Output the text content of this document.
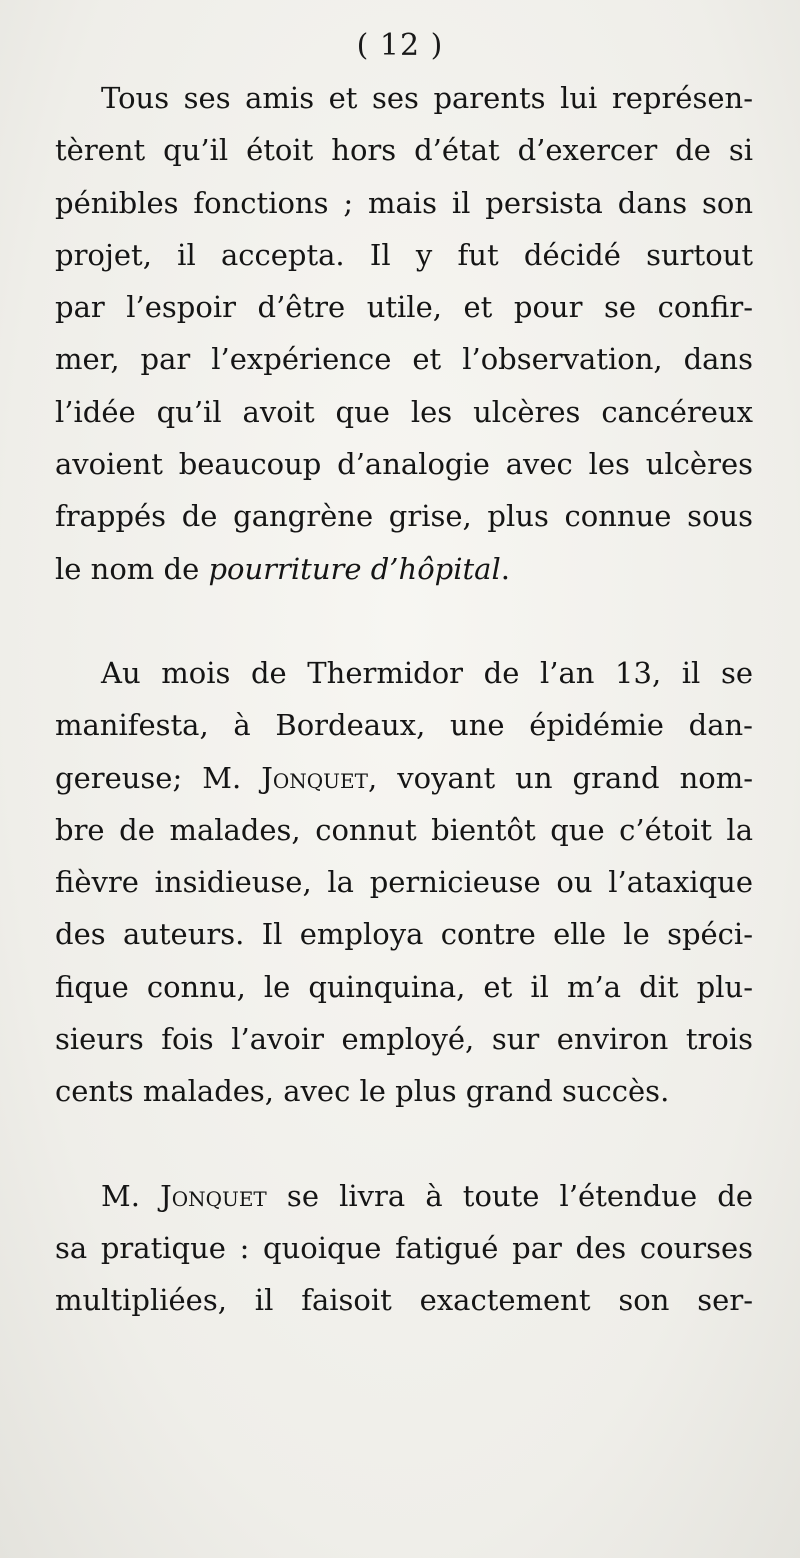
( 12 )
Tous ses amis et ses parents lui représen-
tèrent qu’il étoit hors d’état d’exercer de si
pénibles fonctions ; mais il persista dans son
projet, il accepta. Il y fut décidé surtout
par l’espoir d’être utile, et pour se confir-
mer, par l’expérience et l’observation, dans
l’idée qu’il avoit que les ulcères cancéreux
avoient beaucoup d’analogie avec les ulcères
frappés de gangrène grise, plus connue sous
le nom de pourriture d’hôpital.
Au mois de Thermidor de l’an 13, il se
manifesta, à Bordeaux, une épidémie dan-
gereuse; M. Jonquet, voyant un grand nom-
bre de malades, connut bientôt que c’étoit la
fièvre insidieuse, la pernicieuse ou l’ataxique
des auteurs. Il employa contre elle le spéci-
fique connu, le quinquina, et il m’a dit plu-
sieurs fois l’avoir employé, sur environ trois
cents malades, avec le plus grand succès.
M. Jonquet se livra à toute l’étendue de
sa pratique : quoique fatigué par des courses
multipliées, il faisoit exactement son ser-
